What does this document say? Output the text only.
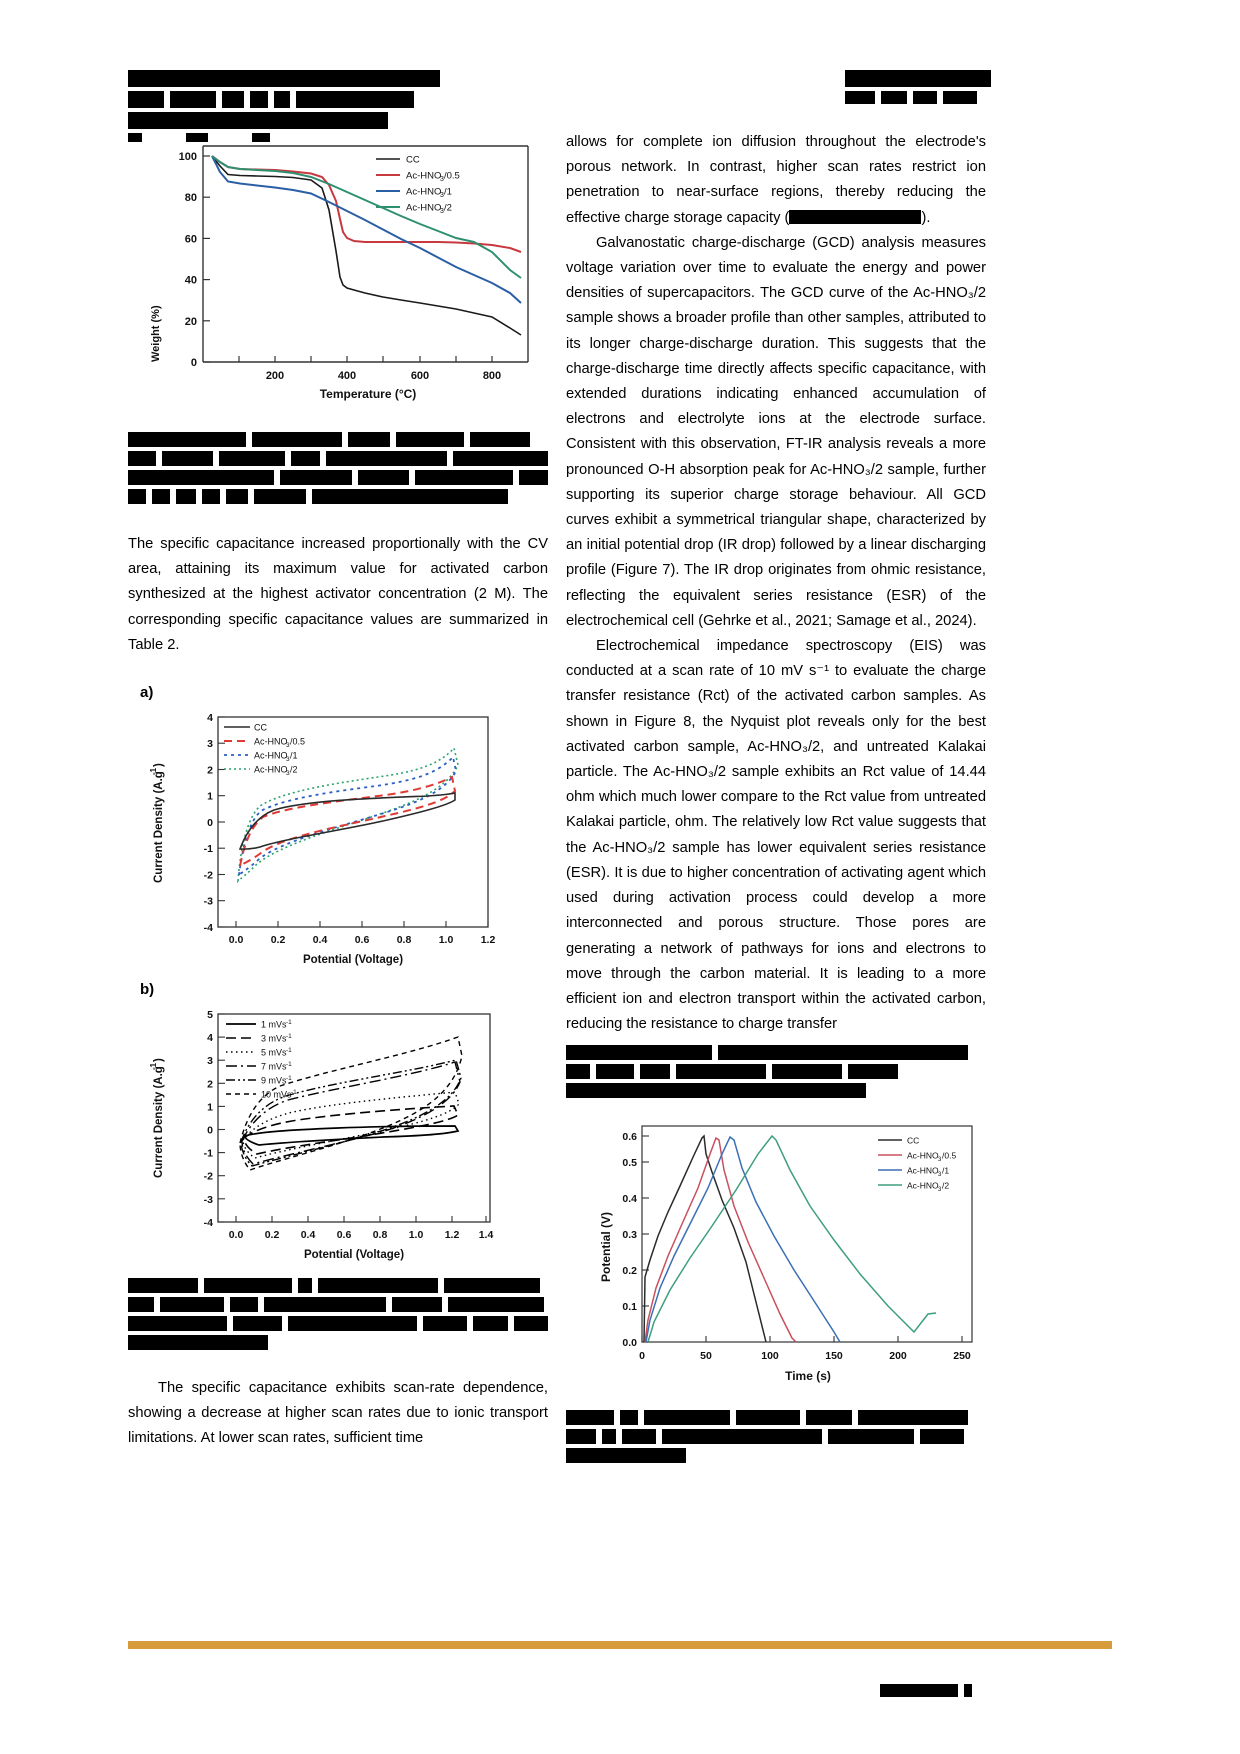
Weight (%)
0
20
40
60
80
100
200	400	600	800
CC
Ac-HNO
3 /0.5
Ac-HNO
3 /1
Ac-HNO
3 /2
Temperature (°C)

The specific capacitance increased proportionally with the CV area, attaining its maximum value for activated carbon synthesized at the highest activator concentration (2 M). The corresponding specific capacitance values are summarized in Table 2.

a)
4
3
2
1
0
-1
-2
-3
-4
0.0	0.2	0.4	0.6	0.8	1.0	1.2
CC
Ac-HNO
3 /0.5
Ac-HNO
3 /1
Ac-HNO
3 /2
Potential (Voltage)
Current Density (A.g
-1
)
b)
5
4
3
2
1
0
-1
-2
-3
-4
0.0 0.2 0.4 0.6 0.8 1.0 1.2 1.4
1 mVs -1
3 mVs -1
5 mVs -1
7 mVs -1
9 mVs -1
10 mVs -1
Potential (Voltage)
Current Density (A.g
-1
)

The specific capacitance exhibits scan-rate dependence, showing a decrease at higher scan rates due to ionic transport limitations. At lower scan rates, sufficient time

allows for complete ion diffusion throughout the electrode's porous network. In contrast, higher scan rates restrict ion penetration to near-surface regions, thereby reducing the effective charge storage capacity (	).

Galvanostatic charge-discharge (GCD) analysis measures voltage variation over time to evaluate the energy and power densities of supercapacitors. The GCD curve of the Ac-HNO₃/2 sample shows a broader profile than other samples, attributed to its longer charge-discharge duration. This suggests that the charge-discharge time directly affects specific capacitance, with extended durations indicating enhanced accumulation of electrons and electrolyte ions at the electrode surface. Consistent with this observation, FT-IR analysis reveals a more pronounced O-H absorption peak for Ac-HNO₃/2 sample, further supporting its superior charge storage behaviour. All GCD curves exhibit a symmetrical triangular shape, characterized by an initial potential drop (IR drop) followed by a linear discharging profile (Figure 7). The IR drop originates from ohmic resistance, reflecting the equivalent series resistance (ESR) of the electrochemical cell (Gehrke et al., 2021; Samage et al., 2024).

Electrochemical impedance spectroscopy (EIS) was conducted at a scan rate of 10 mV s⁻¹ to evaluate the charge transfer resistance (Rct) of the activated carbon samples. As shown in Figure 8, the Nyquist plot reveals only for the best activated carbon sample, Ac-HNO₃/2, and untreated Kalakai particle. The Ac-HNO₃/2 sample exhibits an Rct value of 14.44 ohm which much lower compare to the Rct value from untreated Kalakai particle, ohm. The relatively low Rct value suggests that the Ac-HNO₃/2 sample has lower equivalent series resistance (ESR). It is due to higher concentration of activating agent which used during activation process could develop a more interconnected and porous structure. Those pores are generating a network of pathways for ions and electrons to move through the carbon material. It is leading to a more efficient ion and electron transport within the activated carbon, reducing the resistance to charge transfer

0.0
0.1
0.2
0.3
0.4
0.5
0.6
0	50	100	150	200	250
CC
Ac-HNO 3 /0.5
Ac-HNO 3 /1
Ac-HNO 3 /2
Time (s)
Potential (V)
